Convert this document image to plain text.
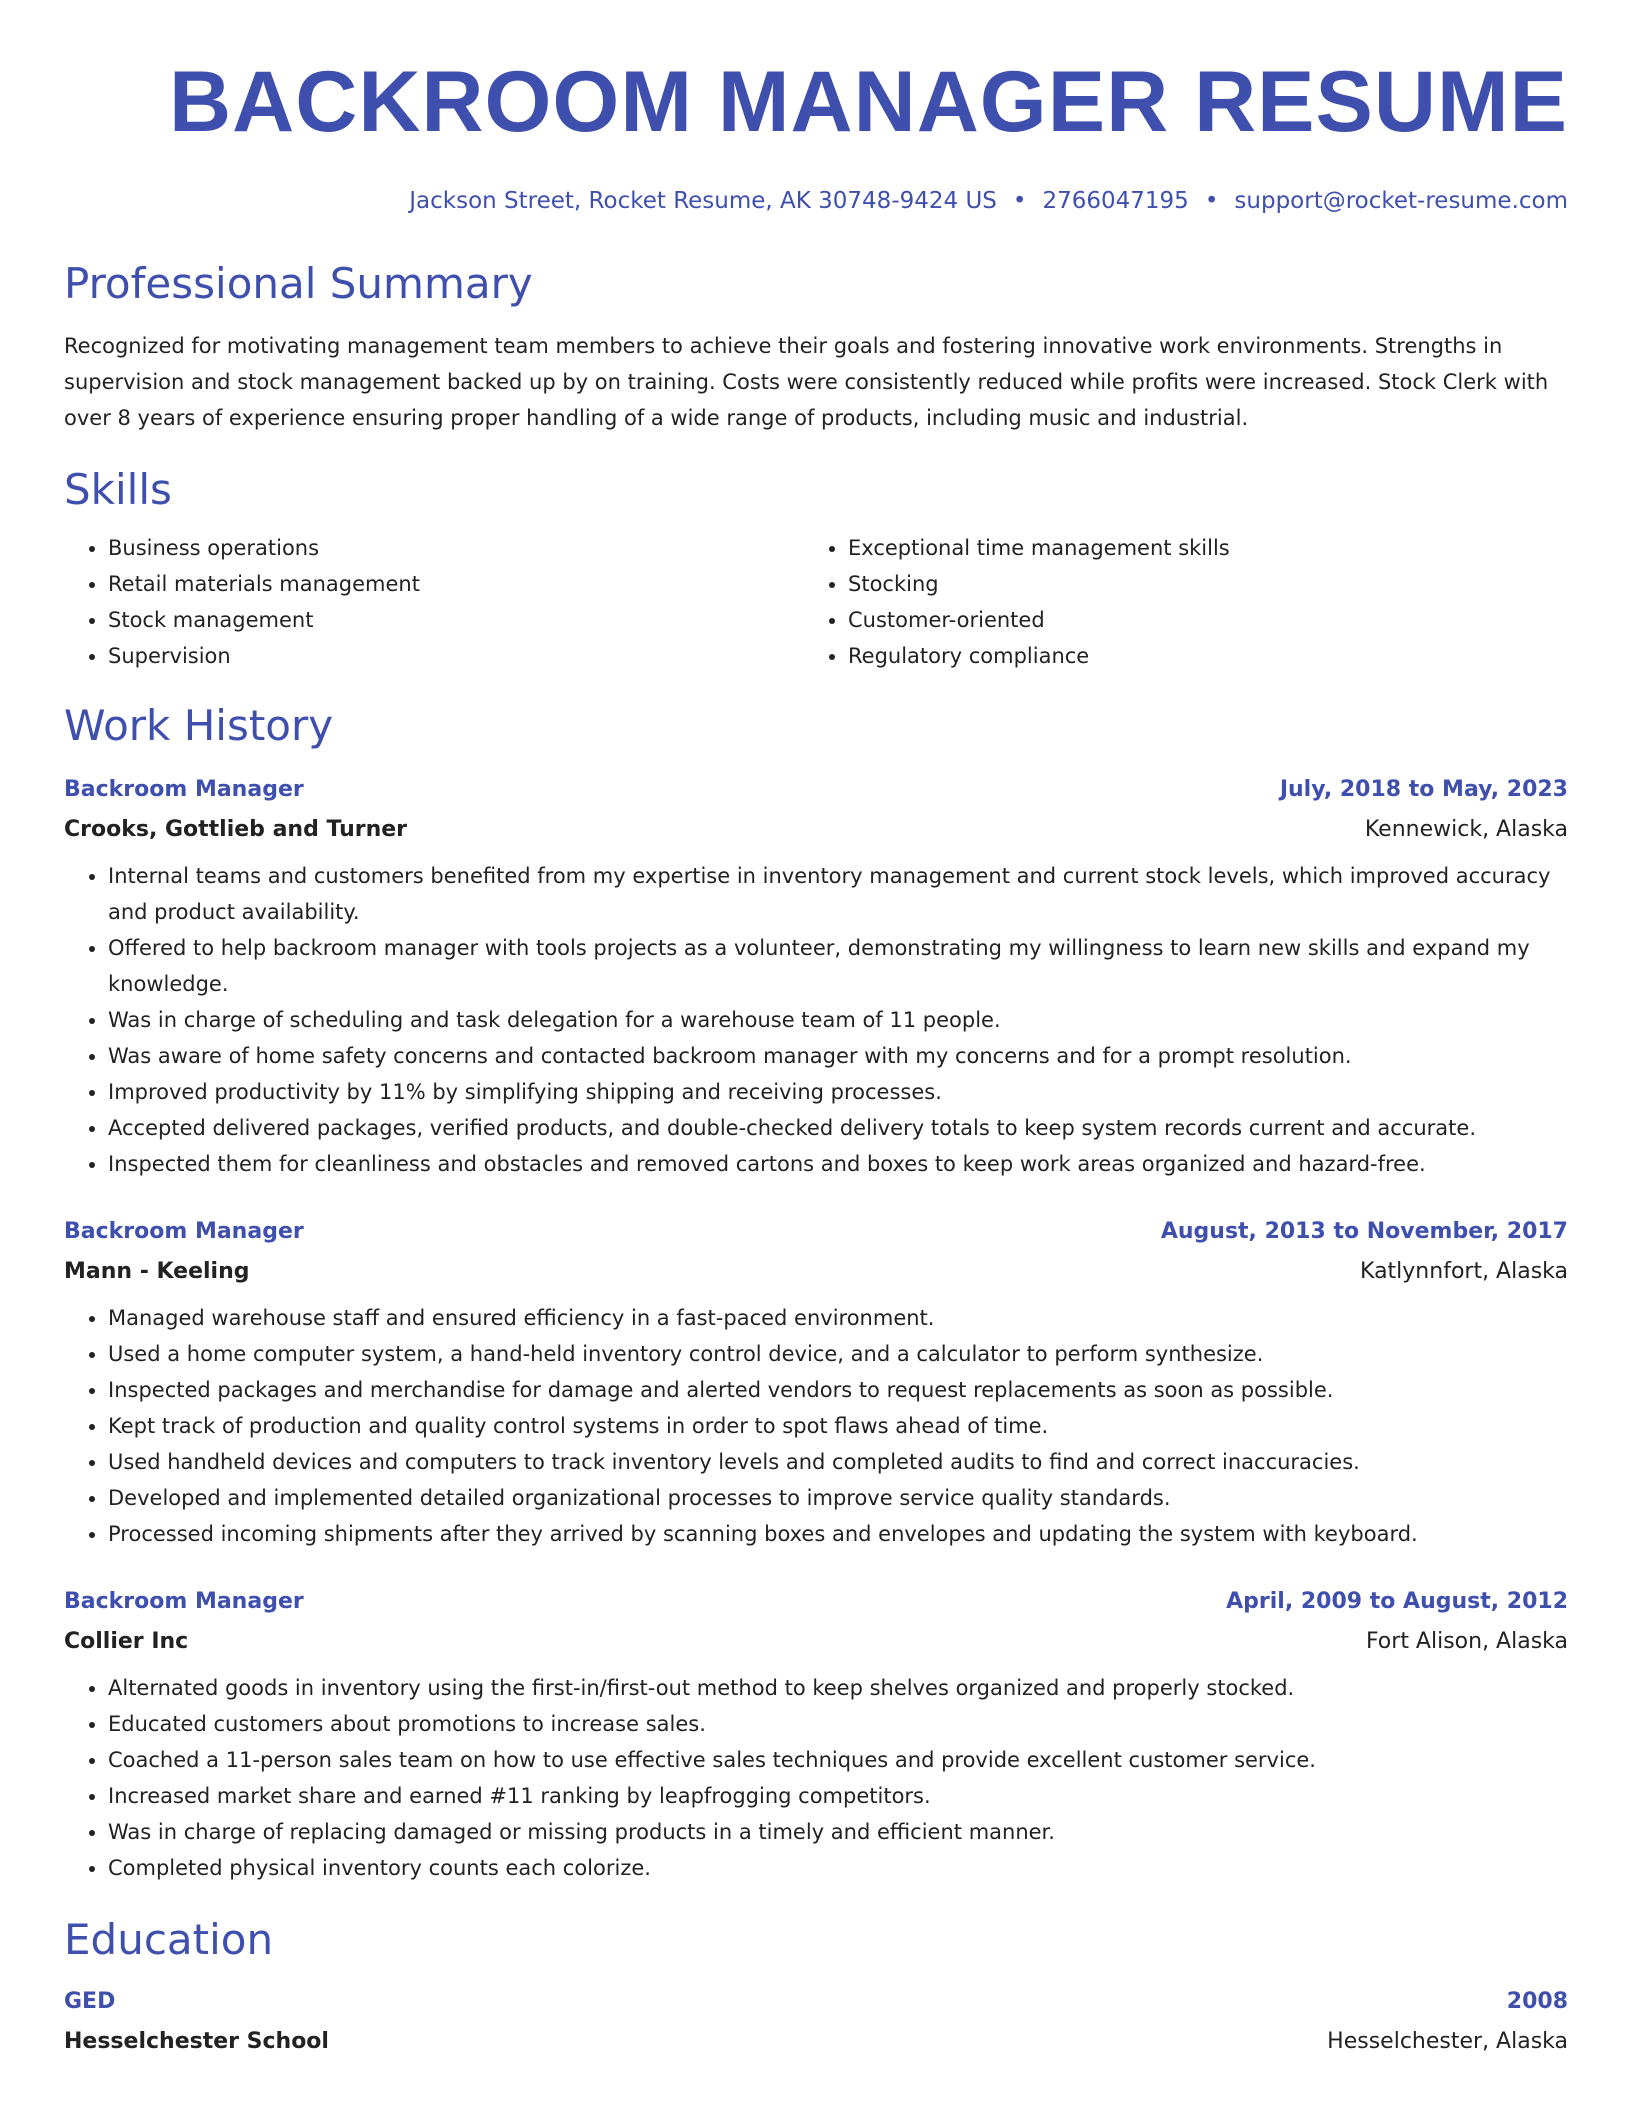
BACKROOM MANAGER RESUME
Jackson Street, Rocket Resume, AK 30748-9424 US • 2766047195 • support@rocket-resume.com
Professional Summary
Recognized for motivating management team members to achieve their goals and fostering innovative work environments. Strengths in supervision and stock management backed up by on training. Costs were consistently reduced while profits were increased. Stock Clerk with over 8 years of experience ensuring proper handling of a wide range of products, including music and industrial.
Skills
• Business operations
• Retail materials management
• Stock management
• Supervision
• Exceptional time management skills
• Stocking
• Customer-oriented
• Regulatory compliance
Work History
Backroom Manager	July, 2018 to May, 2023
Crooks, Gottlieb and Turner	Kennewick, Alaska
• Internal teams and customers benefited from my expertise in inventory management and current stock levels, which improved accuracy and product availability.
• Offered to help backroom manager with tools projects as a volunteer, demonstrating my willingness to learn new skills and expand my knowledge.
• Was in charge of scheduling and task delegation for a warehouse team of 11 people.
• Was aware of home safety concerns and contacted backroom manager with my concerns and for a prompt resolution.
• Improved productivity by 11% by simplifying shipping and receiving processes.
• Accepted delivered packages, verified products, and double-checked delivery totals to keep system records current and accurate.
• Inspected them for cleanliness and obstacles and removed cartons and boxes to keep work areas organized and hazard-free.
Backroom Manager	August, 2013 to November, 2017
Mann - Keeling	Katlynnfort, Alaska
• Managed warehouse staff and ensured efficiency in a fast-paced environment.
• Used a home computer system, a hand-held inventory control device, and a calculator to perform synthesize.
• Inspected packages and merchandise for damage and alerted vendors to request replacements as soon as possible.
• Kept track of production and quality control systems in order to spot flaws ahead of time.
• Used handheld devices and computers to track inventory levels and completed audits to find and correct inaccuracies.
• Developed and implemented detailed organizational processes to improve service quality standards.
• Processed incoming shipments after they arrived by scanning boxes and envelopes and updating the system with keyboard.
Backroom Manager	April, 2009 to August, 2012
Collier Inc	Fort Alison, Alaska
• Alternated goods in inventory using the first-in/first-out method to keep shelves organized and properly stocked.
• Educated customers about promotions to increase sales.
• Coached a 11-person sales team on how to use effective sales techniques and provide excellent customer service.
• Increased market share and earned #11 ranking by leapfrogging competitors.
• Was in charge of replacing damaged or missing products in a timely and efficient manner.
• Completed physical inventory counts each colorize.
Education
GED	2008
Hesselchester School	Hesselchester, Alaska
